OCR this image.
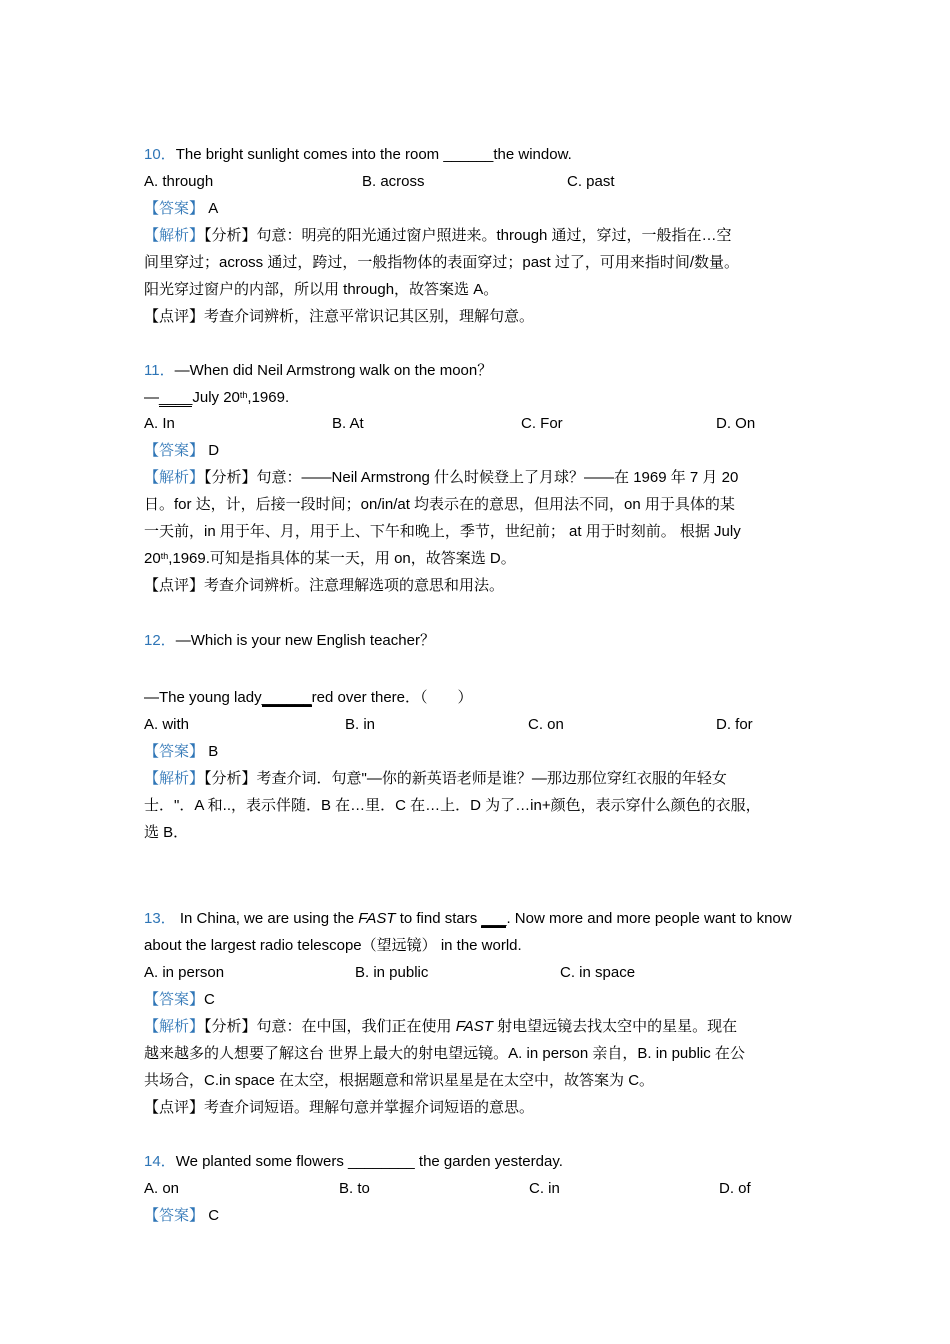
10．The bright sunlight comes into the room ______the window.
A. through	B. across	C. past
【答案】 A
【解析】【分析】句意：明亮的阳光通过窗户照进来。through 通过，穿过，一般指在…空
间里穿过；across 通过，跨过，一般指物体的表面穿过；past 过了，可用来指时间/数量。
阳光穿过窗户的内部，所以用 through，故答案选 A。
【点评】考查介词辨析，注意平常识记其区别，理解句意。
11．—When did Neil Armstrong walk on the moon？
—____July 20th,1969.
A. In	B. At	C. For	D. On
【答案】 D
【解析】【分析】句意：——Neil Armstrong 什么时候登上了月球？——在 1969 年 7 月 20
日。for 达，计，后接一段时间；on/in/at 均表示在的意思，但用法不同，on 用于具体的某
一天前，in 用于年、月，用于上、下午和晚上，季节，世纪前； at 用于时刻前。 根据 July
20th,1969.可知是指具体的某一天，用 on，故答案选 D。
【点评】考查介词辨析。注意理解选项的意思和用法。
12．—Which is your new English teacher？
—The young lady______red over there．（　　）
A. with	B. in	C. on	D. for
【答案】 B
【解析】【分析】考查介词．句意"—你的新英语老师是谁？—那边那位穿红衣服的年轻女
士．"．A 和..，表示伴随．B 在…里．C 在…上．D 为了…in+颜色，表示穿什么颜色的衣服，
选 B．
13． In China, we are using the FAST to find stars ___. Now more and more people want to know
about the largest radio telescope（望远镜） in the world.
A. in person	B. in public	C. in space
【答案】C
【解析】【分析】句意：在中国，我们正在使用 FAST 射电望远镜去找太空中的星星。现在
越来越多的人想要了解这台 世界上最大的射电望远镜。A. in person 亲自，B. in public 在公
共场合，C.in space 在太空，根据题意和常识星星是在太空中，故答案为 C。
【点评】考查介词短语。理解句意并掌握介词短语的意思。
14．We planted some flowers ________ the garden yesterday.
A. on	B. to	C. in	D. of
【答案】 C
